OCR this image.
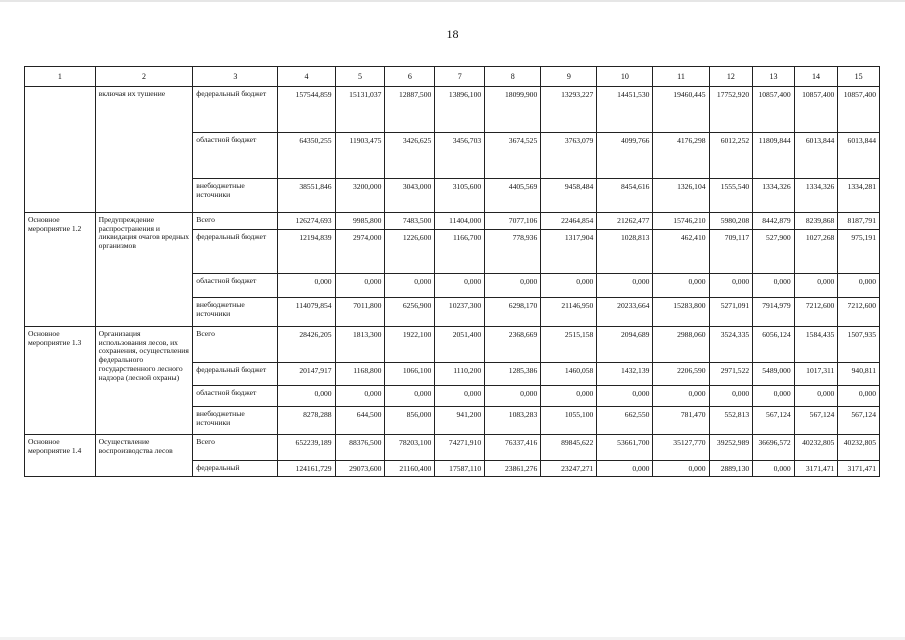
18
1	2	3	4	5	6	7	8	9	10	11	12	13	14	15
	включая их тушение	федеральный бюджет	157544,859	15131,037	12887,500	13896,100	18099,900	13293,227	14451,530	19460,445	17752,920	10857,400	10857,400	10857,400
		областной бюджет	64350,255	11903,475	3426,625	3456,703	3674,525	3763,079	4099,766	4176,298	6012,252	11809,844	6013,844	6013,844
		внебюджетные источники	38551,846	3200,000	3043,000	3105,600	4405,569	9458,484	8454,616	1326,104	1555,540	1334,326	1334,326	1334,281
Основное мероприятие 1.2	Предупреждение распространения и ликвидация очагов вредных организмов	Всего	126274,693	9985,800	7483,500	11404,000	7077,106	22464,854	21262,477	15746,210	5980,208	8442,879	8239,868	8187,791
		федеральный бюджет	12194,839	2974,000	1226,600	1166,700	778,936	1317,904	1028,813	462,410	709,117	527,900	1027,268	975,191
		областной бюджет	0,000	0,000	0,000	0,000	0,000	0,000	0,000	0,000	0,000	0,000	0,000	0,000
		внебюджетные источники	114079,854	7011,800	6256,900	10237,300	6298,170	21146,950	20233,664	15283,800	5271,091	7914,979	7212,600	7212,600
Основное мероприятие 1.3	Организация использования лесов, их сохранения, осуществления федерального государственного лесного надзора (лесной охраны)	Всего	28426,205	1813,300	1922,100	2051,400	2368,669	2515,158	2094,689	2988,060	3524,335	6056,124	1584,435	1507,935
		федеральный бюджет	20147,917	1168,800	1066,100	1110,200	1285,386	1460,058	1432,139	2206,590	2971,522	5489,000	1017,311	940,811
		областной бюджет	0,000	0,000	0,000	0,000	0,000	0,000	0,000	0,000	0,000	0,000	0,000	0,000
		внебюджетные источники	8278,288	644,500	856,000	941,200	1083,283	1055,100	662,550	781,470	552,813	567,124	567,124	567,124
Основное мероприятие 1.4	Осуществление воспроизводства лесов	Всего	652239,189	88376,500	78203,100	74271,910	76337,416	89845,622	53661,700	35127,770	39252,989	36696,572	40232,805	40232,805
		федеральный	124161,729	29073,600	21160,400	17587,110	23861,276	23247,271	0,000	0,000	2889,130	0,000	3171,471	3171,471
